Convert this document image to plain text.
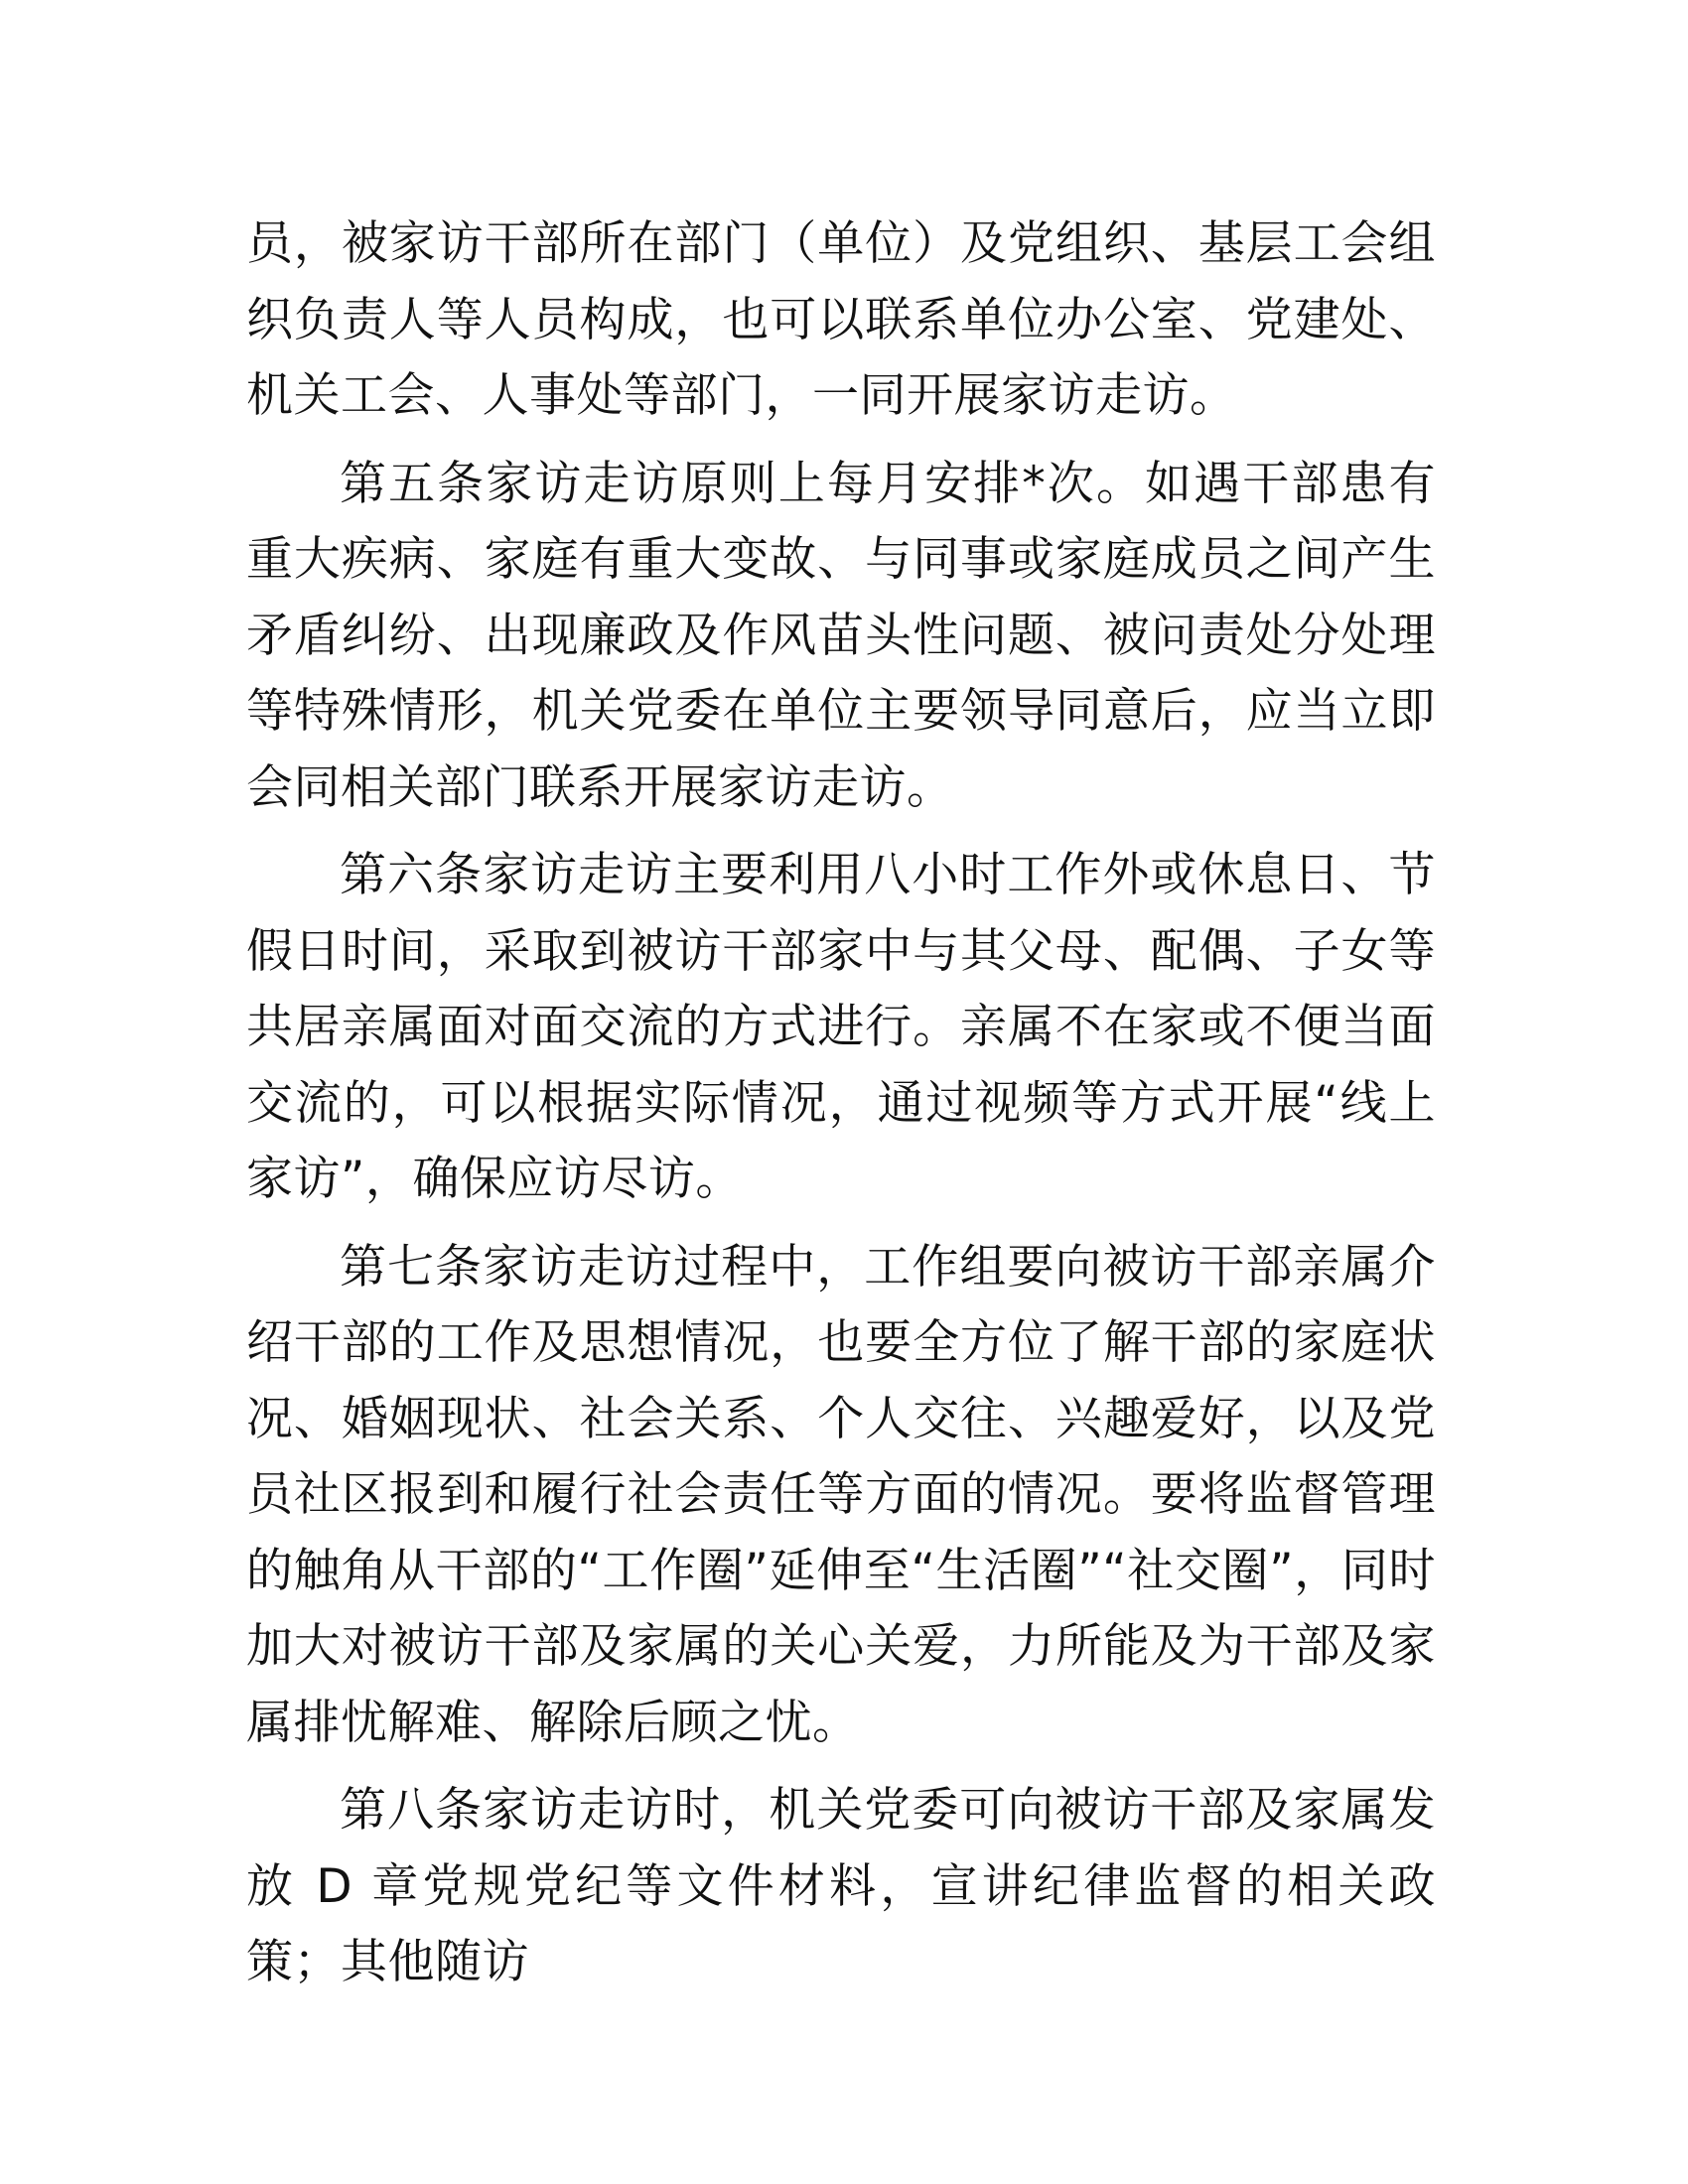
员，被家访干部所在部门（单位）及党组织、基层工会组织负责人等人员构成，也可以联系单位办公室、党建处、机关工会、人事处等部门，一同开展家访走访。

第五条家访走访原则上每月安排*次。如遇干部患有重大疾病、家庭有重大变故、与同事或家庭成员之间产生矛盾纠纷、出现廉政及作风苗头性问题、被问责处分处理等特殊情形，机关党委在单位主要领导同意后，应当立即会同相关部门联系开展家访走访。

第六条家访走访主要利用八小时工作外或休息日、节假日时间，采取到被访干部家中与其父母、配偶、子女等共居亲属面对面交流的方式进行。亲属不在家或不便当面交流的，可以根据实际情况，通过视频等方式开展“线上家访”，确保应访尽访。

第七条家访走访过程中，工作组要向被访干部亲属介绍干部的工作及思想情况，也要全方位了解干部的家庭状况、婚姻现状、社会关系、个人交往、兴趣爱好，以及党员社区报到和履行社会责任等方面的情况。要将监督管理的触角从干部的“工作圈”延伸至“生活圈”“社交圈”，同时加大对被访干部及家属的关心关爱，力所能及为干部及家属排忧解难、解除后顾之忧。

第八条家访走访时，机关党委可向被访干部及家属发放 D 章党规党纪等文件材料，宣讲纪律监督的相关政策；其他随访
